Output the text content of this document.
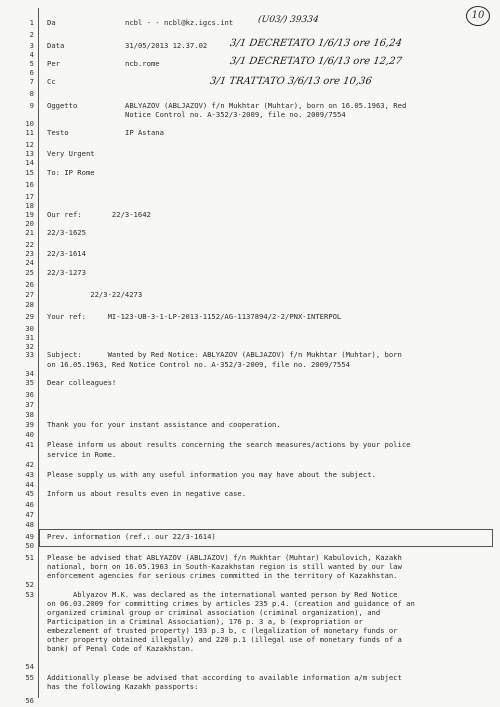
1
2
3
4
5
6
7
8
9
10
11
12
13
14
15
16
17
18
19
20
21
22
23
24
25
26
27
28
29
30
31
32
33
34
35
36
37
38
39
40
41
42
43
44
45
46
47
48
49
50
51
52
53
54
55
56
10
Da	ncbl - - ncbl@kz.igcs.int	(U03/) 39334
Data	31/05/2013 12.37.02 3/1 DECRETATO 1/6/13 ore 16,24
Per	ncb.rome	3/1 DECRETATO 1/6/13 ore 12,27
Cc	3/1 TRATTATO 3/6/13 ore 10,36
Oggetto	ABLYAZOV (ABLJAZOV) f/n Mukhtar (Muhtar), born on 16.05.1963, Red
Notice Control no. A-352/3-2009, file no. 2009/7554
Testo	IP Astana
Very Urgent
To: IP Rome
Our ref:       22/3-1642
22/3-1625
22/3-1614
22/3-1273
22/3-22/4273
Your ref:     MI-123-UB-3-1-LP-2013-1152/AG-1137894/2-2/PNX-INTERPOL
Subject:      Wanted by Red Notice: ABLYAZOV (ABLJAZOV) f/n Mukhtar (Muhtar), born
on 16.05.1963, Red Notice Control no. A-352/3-2009, file no. 2009/7554
Dear colleagues!
Thank you for your instant assistance and cooperation.
Please inform us about results concerning the search measures/actions by your police
service in Rome.
Please supply us with any useful information you may have about the subject.
Inform us about results even in negative case.
Prev. information (ref.: our 22/3-1614)
Please be advised that ABLYAZOV (ABLJAZOV) f/n Mukhtar (Muhtar) Kabulovich, Kazakh
national, born on 16.05.1963 in South-Kazakhstan region is still wanted by our law
enforcement agencies for serious crimes committed in the territory of Kazakhstan.
Ablyazov M.K. was declared as the international wanted person by Red Notice
on 06.03.2009 for committing crimes by articles 235 p.4. (creation and guidance of an
organized criminal group or criminal association (criminal organization), and
Participation in a Criminal Association), 176 p. 3 a, b (expropriation or
embezzlement of trusted property) 193 p.3 b, c (legalization of monetary funds or
other property obtained illegally) and 220 p.1 (illegal use of monetary funds of a
bank) of Penal Code of Kazakhstan.
Additionally please be advised that according to available information a/m subject
has the following Kazakh passports:
